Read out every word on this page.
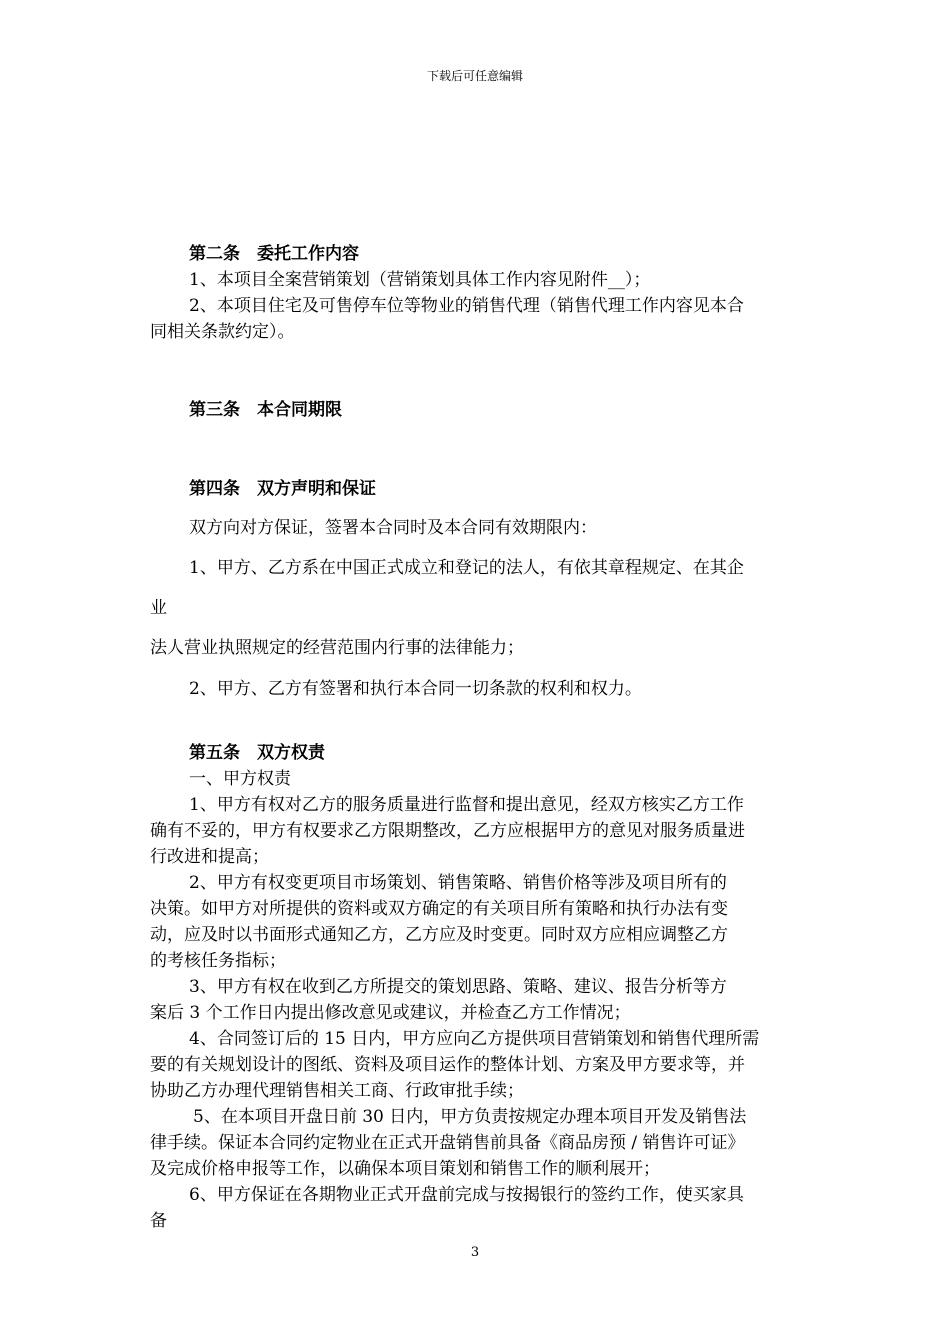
下载后可任意编辑
第二条　委托工作内容
1、本项目全案营销策划（营销策划具体工作内容见附件__）；
2、本项目住宅及可售停车位等物业的销售代理（销售代理工作内容见本合
同相关条款约定）。
第三条　本合同期限
第四条　双方声明和保证
双方向对方保证，签署本合同时及本合同有效期限内：
1、甲方、乙方系在中国正式成立和登记的法人，有依其章程规定、在其企
业
法人营业执照规定的经营范围内行事的法律能力；
2、甲方、乙方有签署和执行本合同一切条款的权利和权力。
第五条　双方权责
一、甲方权责
1、甲方有权对乙方的服务质量进行监督和提出意见，经双方核实乙方工作
确有不妥的，甲方有权要求乙方限期整改，乙方应根据甲方的意见对服务质量进
行改进和提高；
2、甲方有权变更项目市场策划、销售策略、销售价格等涉及项目所有的
决策。如甲方对所提供的资料或双方确定的有关项目所有策略和执行办法有变
动，应及时以书面形式通知乙方，乙方应及时变更。同时双方应相应调整乙方
的考核任务指标；
3、甲方有权在收到乙方所提交的策划思路、策略、建议、报告分析等方
案后 3 个工作日内提出修改意见或建议，并检查乙方工作情况；
4、合同签订后的 15 日内，甲方应向乙方提供项目营销策划和销售代理所需
要的有关规划设计的图纸、资料及项目运作的整体计划、方案及甲方要求等，并
协助乙方办理代理销售相关工商、行政审批手续；
5、在本项目开盘日前 30 日内，甲方负责按规定办理本项目开发及销售法
律手续。保证本合同约定物业在正式开盘销售前具备《商品房预 / 销售许可证》
及完成价格申报等工作，以确保本项目策划和销售工作的顺利展开；
6、甲方保证在各期物业正式开盘前完成与按揭银行的签约工作，使买家具
备
3
